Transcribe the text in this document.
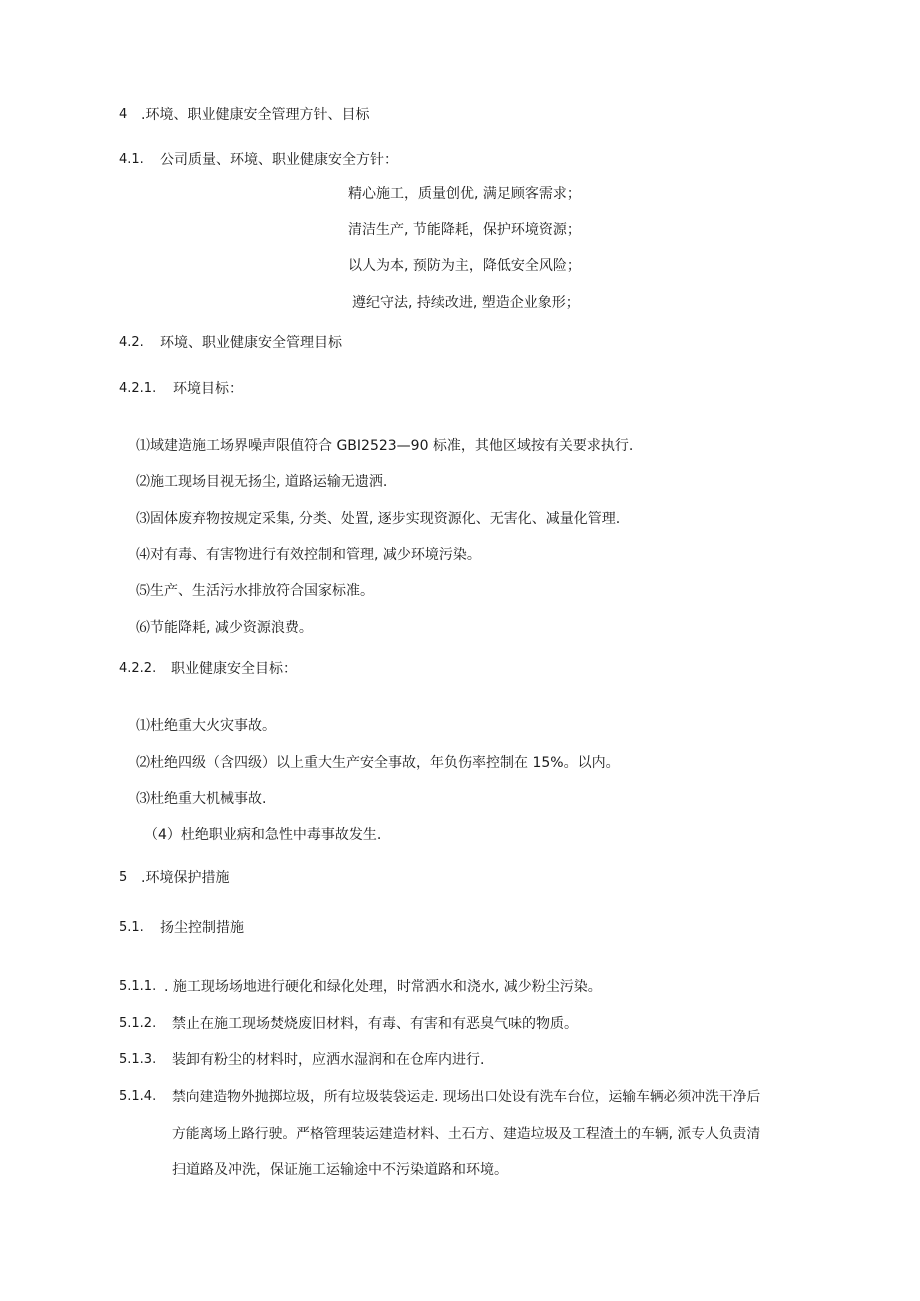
4 .环境、职业健康安全管理方针、目标
4.1. 公司质量、环境、职业健康安全方针：
精心施工，质量创优, 满足顾客需求；
清洁生产, 节能降耗，保护环境资源；
以人为本, 预防为主，降低安全风险；
遵纪守法, 持续改进, 塑造企业象形；
4.2. 环境、职业健康安全管理目标
4.2.1. 环境目标：
⑴域建造施工场界噪声限值符合 GBI2523—90 标准，其他区域按有关要求执行.
⑵施工现场目视无扬尘, 道路运输无遗洒.
⑶固体废弃物按规定采集, 分类、处置, 逐步实现资源化、无害化、减量化管理.
⑷对有毒、有害物进行有效控制和管理, 减少环境污染。
⑸生产、生活污水排放符合国家标准。
⑹节能降耗, 减少资源浪费。
4.2.2. 职业健康安全目标：
⑴杜绝重大火灾事故。
⑵杜绝四级（含四级）以上重大生产安全事故，年负伤率控制在 15%。以内。
⑶杜绝重大机械事故.
（4）杜绝职业病和急性中毒事故发生.
5 .环境保护措施
5.1. 扬尘控制措施
5.1.1. . 施工现场场地进行硬化和绿化处理，时常洒水和浇水, 减少粉尘污染。
5.1.2. 禁止在施工现场焚烧废旧材料，有毒、有害和有恶臭气味的物质。
5.1.3. 装卸有粉尘的材料时，应洒水湿润和在仓库内进行.
5.1.4. 禁向建造物外抛掷垃圾，所有垃圾装袋运走. 现场出口处设有洗车台位，运输车辆必须冲洗干净后
方能离场上路行驶。严格管理装运建造材料、土石方、建造垃圾及工程渣土的车辆, 派专人负责清
扫道路及冲洗，保证施工运输途中不污染道路和环境。
